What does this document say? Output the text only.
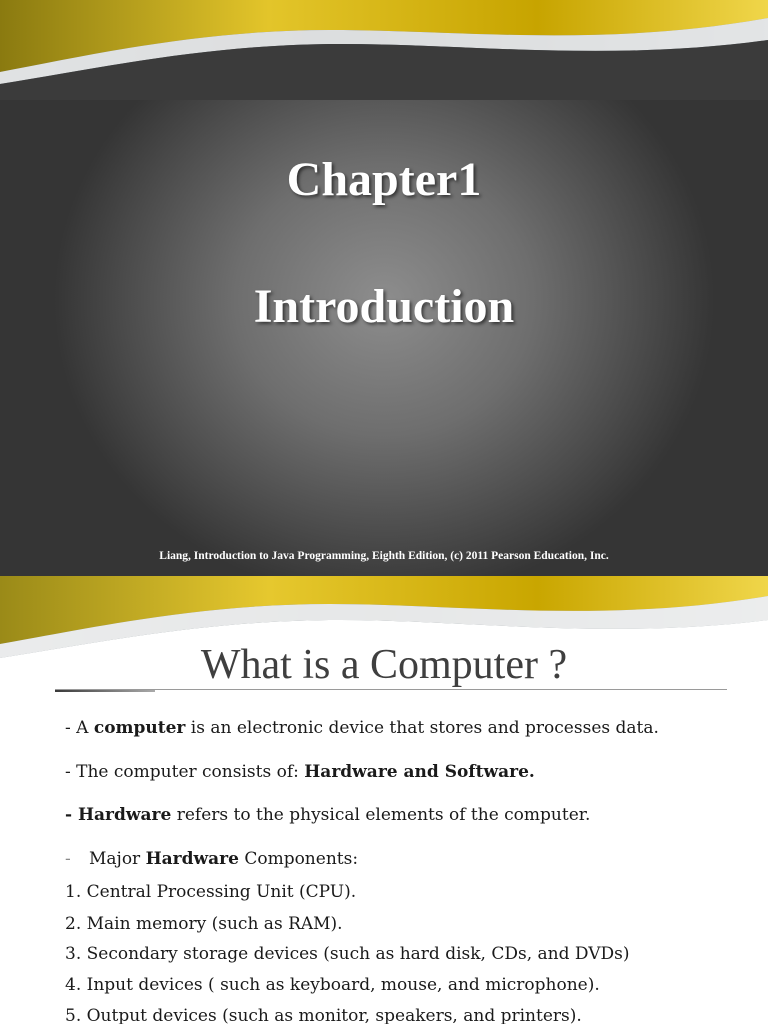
Chapter1
Introduction
Liang, Introduction to Java Programming, Eighth Edition, (c) 2011 Pearson Education, Inc.
What is a Computer ?
- A computer is an electronic device that stores and processes data.
- The computer consists of: Hardware and Software.
- Hardware refers to the physical elements of the computer.
- Major Hardware Components:
1. Central Processing Unit (CPU).
2. Main memory (such as RAM).
3. Secondary storage devices (such as hard disk, CDs, and DVDs)
4. Input devices ( such as keyboard, mouse, and microphone).
5. Output devices (such as monitor, speakers, and printers).
